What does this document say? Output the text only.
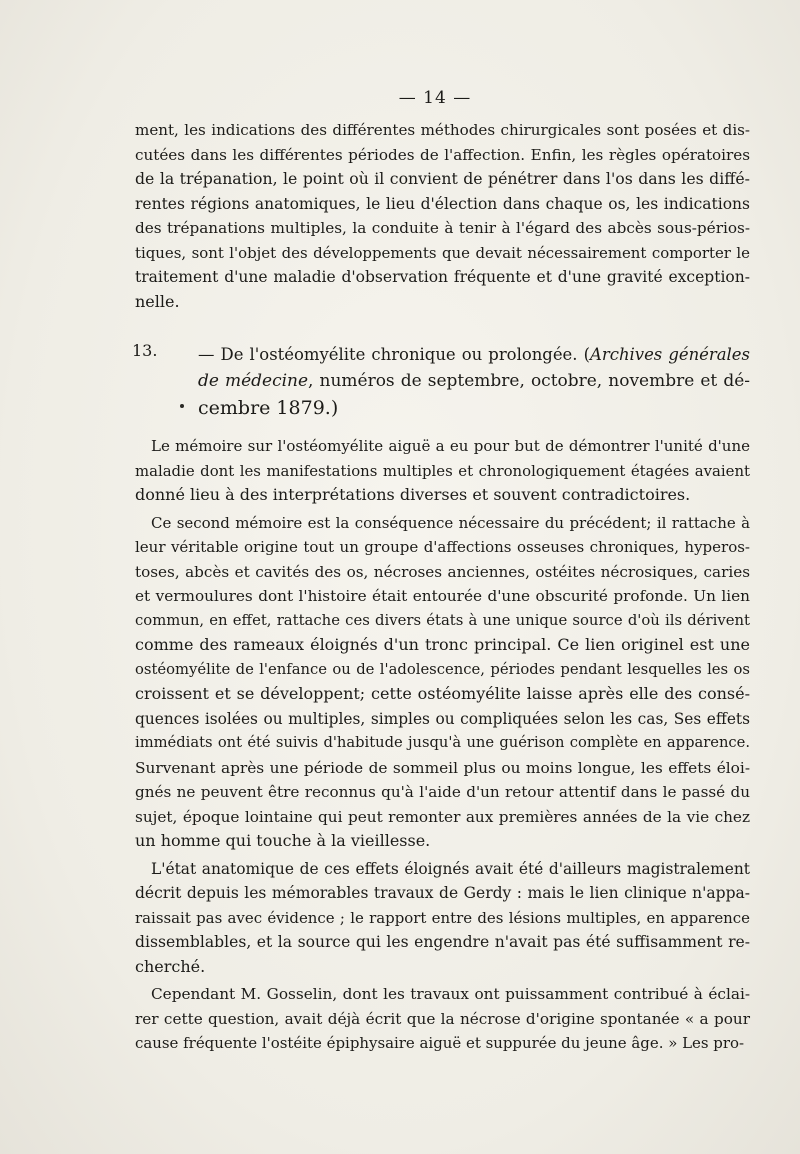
— 14 —
ment, les indications des différentes méthodes chirurgicales sont posées et dis-
cutées dans les différentes périodes de l'affection. Enfin, les règles opératoires
de la trépanation, le point où il convient de pénétrer dans l'os dans les diffé-
rentes régions anatomiques, le lieu d'élection dans chaque os, les indications
des trépanations multiples, la conduite à tenir à l'égard des abcès sous-périos-
tiques, sont l'objet des développements que devait nécessairement comporter le
traitement d'une maladie d'observation fréquente et d'une gravité exception-
nelle.
13.	— De l'ostéomyélite chronique ou prolongée. (Archives générales
de médecine, numéros de septembre, octobre, novembre et dé-
cembre 1879.)
Le mémoire sur l'ostéomyélite aiguë a eu pour but de démontrer l'unité d'une
maladie dont les manifestations multiples et chronologiquement étagées avaient
donné lieu à des interprétations diverses et souvent contradictoires.
Ce second mémoire est la conséquence nécessaire du précédent; il rattache à
leur véritable origine tout un groupe d'affections osseuses chroniques, hyperos-
toses, abcès et cavités des os, nécroses anciennes, ostéites nécrosiques, caries
et vermoulures dont l'histoire était entourée d'une obscurité profonde. Un lien
commun, en effet, rattache ces divers états à une unique source d'où ils dérivent
comme des rameaux éloignés d'un tronc principal. Ce lien originel est une
ostéomyélite de l'enfance ou de l'adolescence, périodes pendant lesquelles les os
croissent et se développent; cette ostéomyélite laisse après elle des consé-
quences isolées ou multiples, simples ou compliquées selon les cas, Ses effets
immédiats ont été suivis d'habitude jusqu'à une guérison complète en apparence.
Survenant après une période de sommeil plus ou moins longue, les effets éloi-
gnés ne peuvent être reconnus qu'à l'aide d'un retour attentif dans le passé du
sujet, époque lointaine qui peut remonter aux premières années de la vie chez
un homme qui touche à la vieillesse.
L'état anatomique de ces effets éloignés avait été d'ailleurs magistralement
décrit depuis les mémorables travaux de Gerdy : mais le lien clinique n'appa-
raissait pas avec évidence ; le rapport entre des lésions multiples, en apparence
dissemblables, et la source qui les engendre n'avait pas été suffisamment re-
cherché.
Cependant M. Gosselin, dont les travaux ont puissamment contribué à éclai-
rer cette question, avait déjà écrit que la nécrose d'origine spontanée « a pour
cause fréquente l'ostéite épiphysaire aiguë et suppurée du jeune âge. » Les pro-
